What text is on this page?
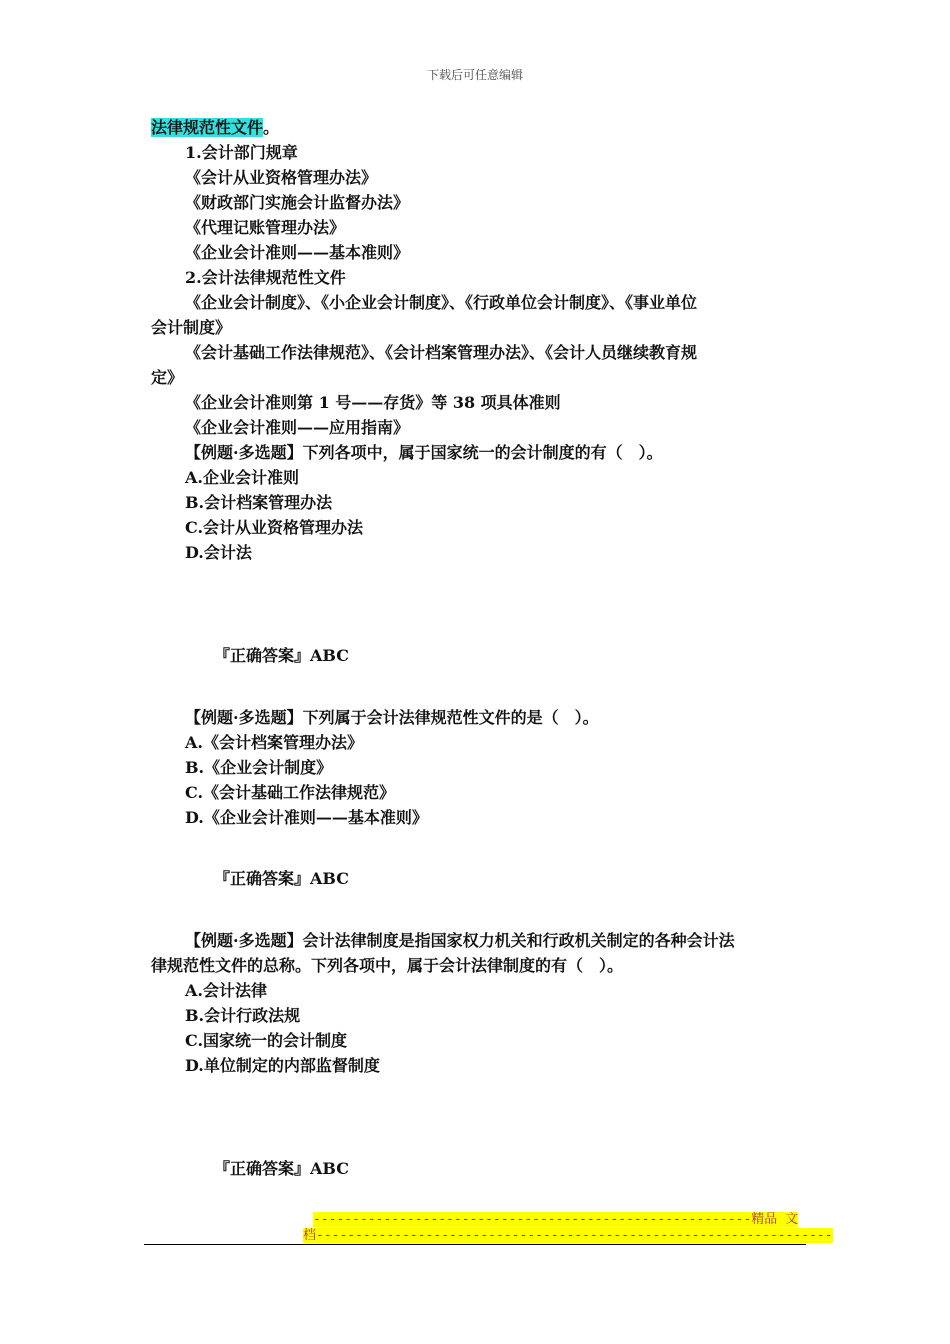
下载后可任意编辑
法律规范性文件。
1.会计部门规章
《会计从业资格管理办法》
《财政部门实施会计监督办法》
《代理记账管理办法》
《企业会计准则——基本准则》
2.会计法律规范性文件
《企业会计制度》、《小企业会计制度》、《行政单位会计制度》、《事业单位
会计制度》
《会计基础工作法律规范》、《会计档案管理办法》、《会计人员继续教育规
定》
《企业会计准则第 1 号——存货》等 38 项具体准则
《企业会计准则——应用指南》
【例题·多选题】下列各项中，属于国家统一的会计制度的有（　）。
A.企业会计准则
B.会计档案管理办法
C.会计从业资格管理办法
D.会计法
『正确答案』ABC
【例题·多选题】下列属于会计法律规范性文件的是（　）。
A.《会计档案管理办法》
B.《企业会计制度》
C.《会计基础工作法律规范》
D.《企业会计准则——基本准则》
『正确答案』ABC
【例题·多选题】会计法律制度是指国家权力机关和行政机关制定的各种会计法
律规范性文件的总称。下列各项中，属于会计法律制度的有（　）。
A.会计法律
B.会计行政法规
C.国家统一的会计制度
D.单位制定的内部监督制度
『正确答案』ABC
--------------------------------------------------------精品 文
档------------------------------------------------------------------
